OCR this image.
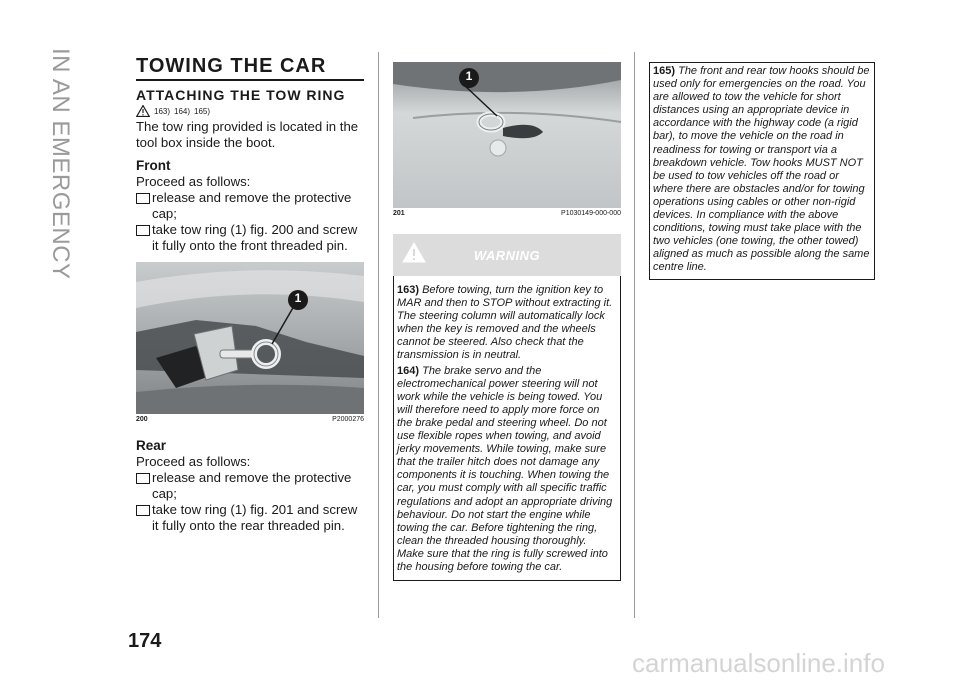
IN AN EMERGENCY	TOWING THE CAR
ATTACHING THE TOW RING
163) 164) 165)
The tow ring provided is located in the tool box inside the boot.
Front
Proceed as follows:
release and remove the protective cap;
take tow ring (1) fig. 200 and screw it fully onto the front threaded pin.
1
200	P2000276
Rear
Proceed as follows:
release and remove the protective cap;
take tow ring (1) fig. 201 and screw it fully onto the rear threaded pin.
1
201	P1030149-000-000
WARNING

163) Before towing, turn the ignition key to MAR and then to STOP without extracting it. The steering column will automatically lock when the key is removed and the wheels cannot be steered. Also check that the transmission is in neutral.

164) The brake servo and the electromechanical power steering will not work while the vehicle is being towed. You will therefore need to apply more force on the brake pedal and steering wheel. Do not use flexible ropes when towing, and avoid jerky movements. While towing, make sure that the trailer hitch does not damage any components it is touching. When towing the car, you must comply with all specific traffic regulations and adopt an appropriate driving behaviour. Do not start the engine while towing the car. Before tightening the ring, clean the threaded housing thoroughly. Make sure that the ring is fully screwed into the housing before towing the car.

165) The front and rear tow hooks should be used only for emergencies on the road. You are allowed to tow the vehicle for short distances using an appropriate device in accordance with the highway code (a rigid bar), to move the vehicle on the road in readiness for towing or transport via a breakdown vehicle. Tow hooks MUST NOT be used to tow vehicles off the road or where there are obstacles and/or for towing operations using cables or other non-rigid devices. In compliance with the above conditions, towing must take place with the two vehicles (one towing, the other towed) aligned as much as possible along the same centre line.

174
carmanualsonline.info
